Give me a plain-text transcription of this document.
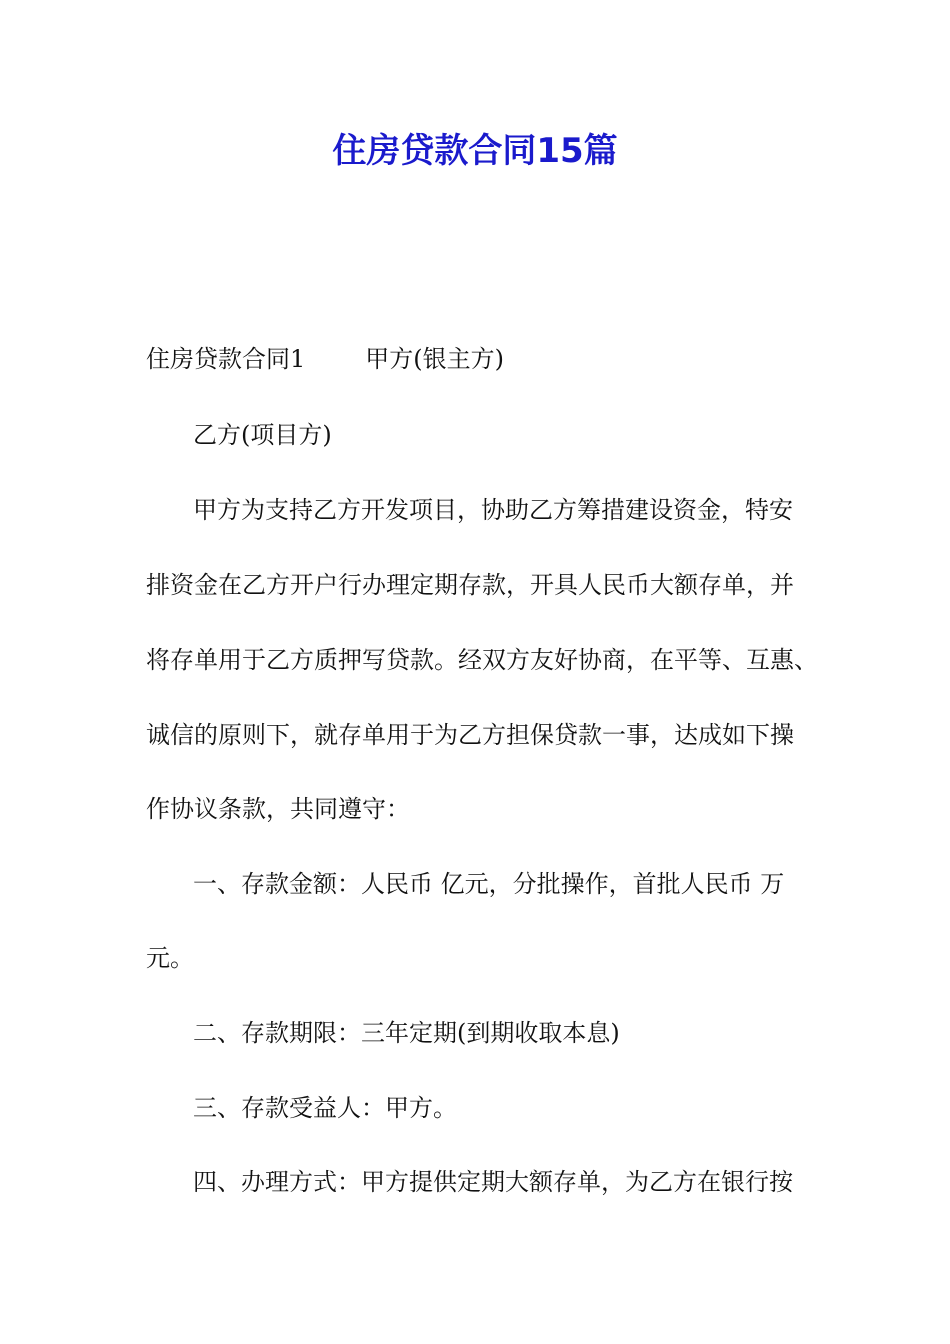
住房贷款合同15篇

住房贷款合同1	甲方(银主方)

乙方(项目方)

甲方为支持乙方开发项目，协助乙方筹措建设资金，特安

排资金在乙方开户行办理定期存款，开具人民币大额存单，并

将存单用于乙方质押写贷款。经双方友好协商，在平等、互惠、

诚信的原则下，就存单用于为乙方担保贷款一事，达成如下操

作协议条款，共同遵守：

一、存款金额：人民币 亿元，分批操作，首批人民币 万

元。

二、存款期限：三年定期(到期收取本息)

三、存款受益人：甲方。

四、办理方式：甲方提供定期大额存单，为乙方在银行按
